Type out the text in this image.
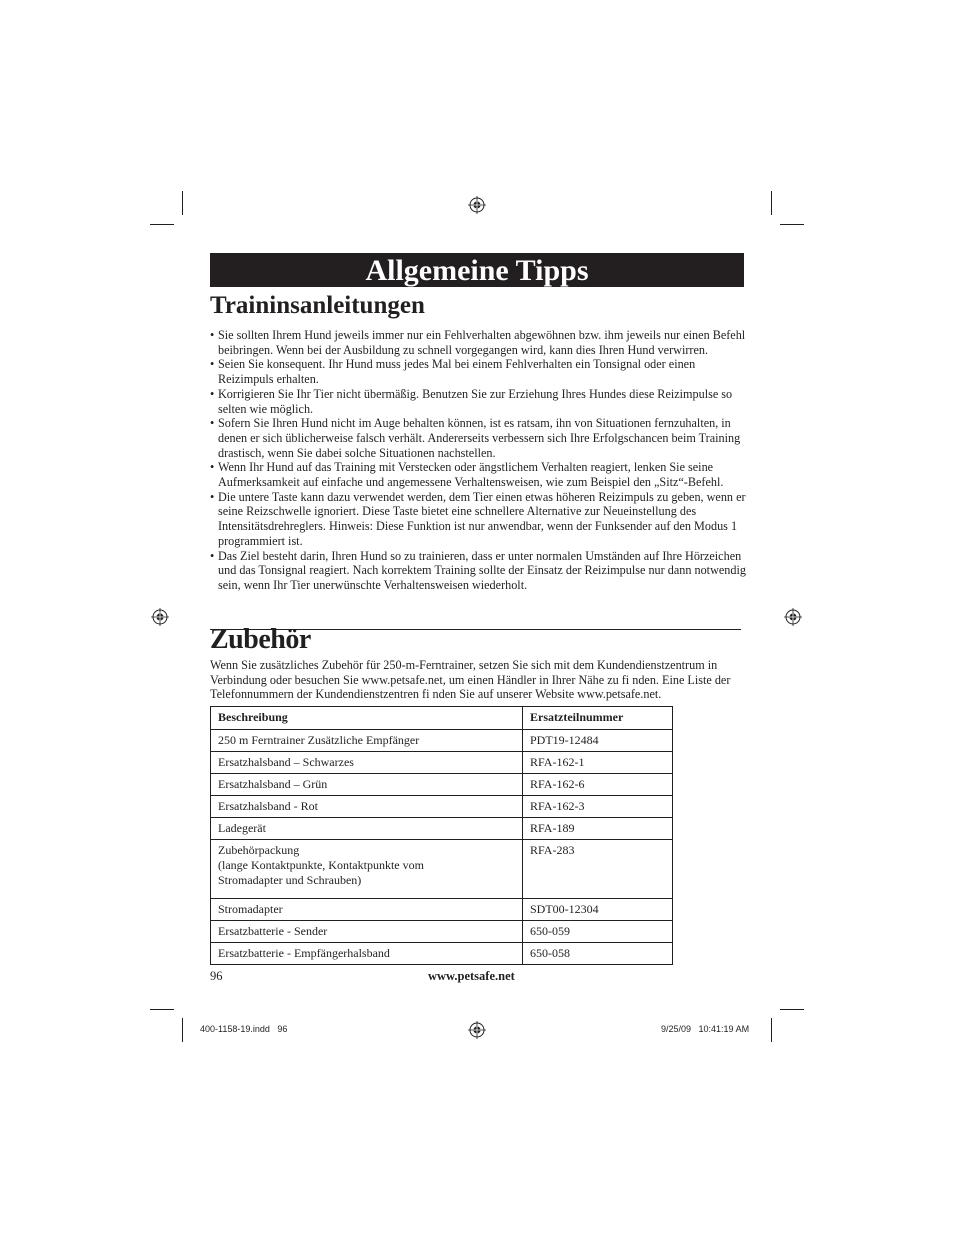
Allgemeine Tipps
Traininsanleitungen
• Sie sollten Ihrem Hund jeweils immer nur ein Fehlverhalten abgewöhnen bzw. ihm jeweils nur einen Befehl beibringen. Wenn bei der Ausbildung zu schnell vorgegangen wird, kann dies Ihren Hund verwirren.
• Seien Sie konsequent. Ihr Hund muss jedes Mal bei einem Fehlverhalten ein Tonsignal oder einen Reizimpuls erhalten.
• Korrigieren Sie Ihr Tier nicht übermäßig. Benutzen Sie zur Erziehung Ihres Hundes diese Reizimpulse so selten wie möglich.
• Sofern Sie Ihren Hund nicht im Auge behalten können, ist es ratsam, ihn von Situationen fernzuhalten, in denen er sich üblicherweise falsch verhält. Andererseits verbessern sich Ihre Erfolgschancen beim Training drastisch, wenn Sie dabei solche Situationen nachstellen.
• Wenn Ihr Hund auf das Training mit Verstecken oder ängstlichem Verhalten reagiert, lenken Sie seine Aufmerksamkeit auf einfache und angemessene Verhaltensweisen, wie zum Beispiel den „Sitz“-Befehl.
• Die untere Taste kann dazu verwendet werden, dem Tier einen etwas höheren Reizimpuls zu geben, wenn er seine Reizschwelle ignoriert. Diese Taste bietet eine schnellere Alternative zur Neueinstellung des Intensitätsdrehreglers. Hinweis: Diese Funktion ist nur anwendbar, wenn der Funksender auf den Modus 1 programmiert ist.
• Das Ziel besteht darin, Ihren Hund so zu trainieren, dass er unter normalen Umständen auf Ihre Hörzeichen und das Tonsignal reagiert. Nach korrektem Training sollte der Einsatz der Reizimpulse nur dann notwendig sein, wenn Ihr Tier unerwünschte Verhaltensweisen wiederholt.
Zubehör

Wenn Sie zusätzliches Zubehör für 250-m-Ferntrainer, setzen Sie sich mit dem Kundendienstzentrum in Verbindung oder besuchen Sie www.petsafe.net, um einen Händler in Ihrer Nähe zu fi nden. Eine Liste der Telefonnummern der Kundendienstzentren fi nden Sie auf unserer Website www.petsafe.net.

Beschreibung	Ersatzteilnummer
250 m Ferntrainer Zusätzliche Empfänger	PDT19-12484
Ersatzhalsband – Schwarzes	RFA-162-1
Ersatzhalsband – Grün	RFA-162-6
Ersatzhalsband - Rot	RFA-162-3
Ladegerät	RFA-189

Zubehörpackung
(lange Kontaktpunkte, Kontaktpunkte vom
Stromadapter und Schrauben)	RFA-283
Stromadapter	SDT00-12304
Ersatzbatterie - Sender	650-059
Ersatzbatterie - Empfängerhalsband	650-058
96	www.petsafe.net
400-1158-19.indd   96	9/25/09   10:41:19 AM
